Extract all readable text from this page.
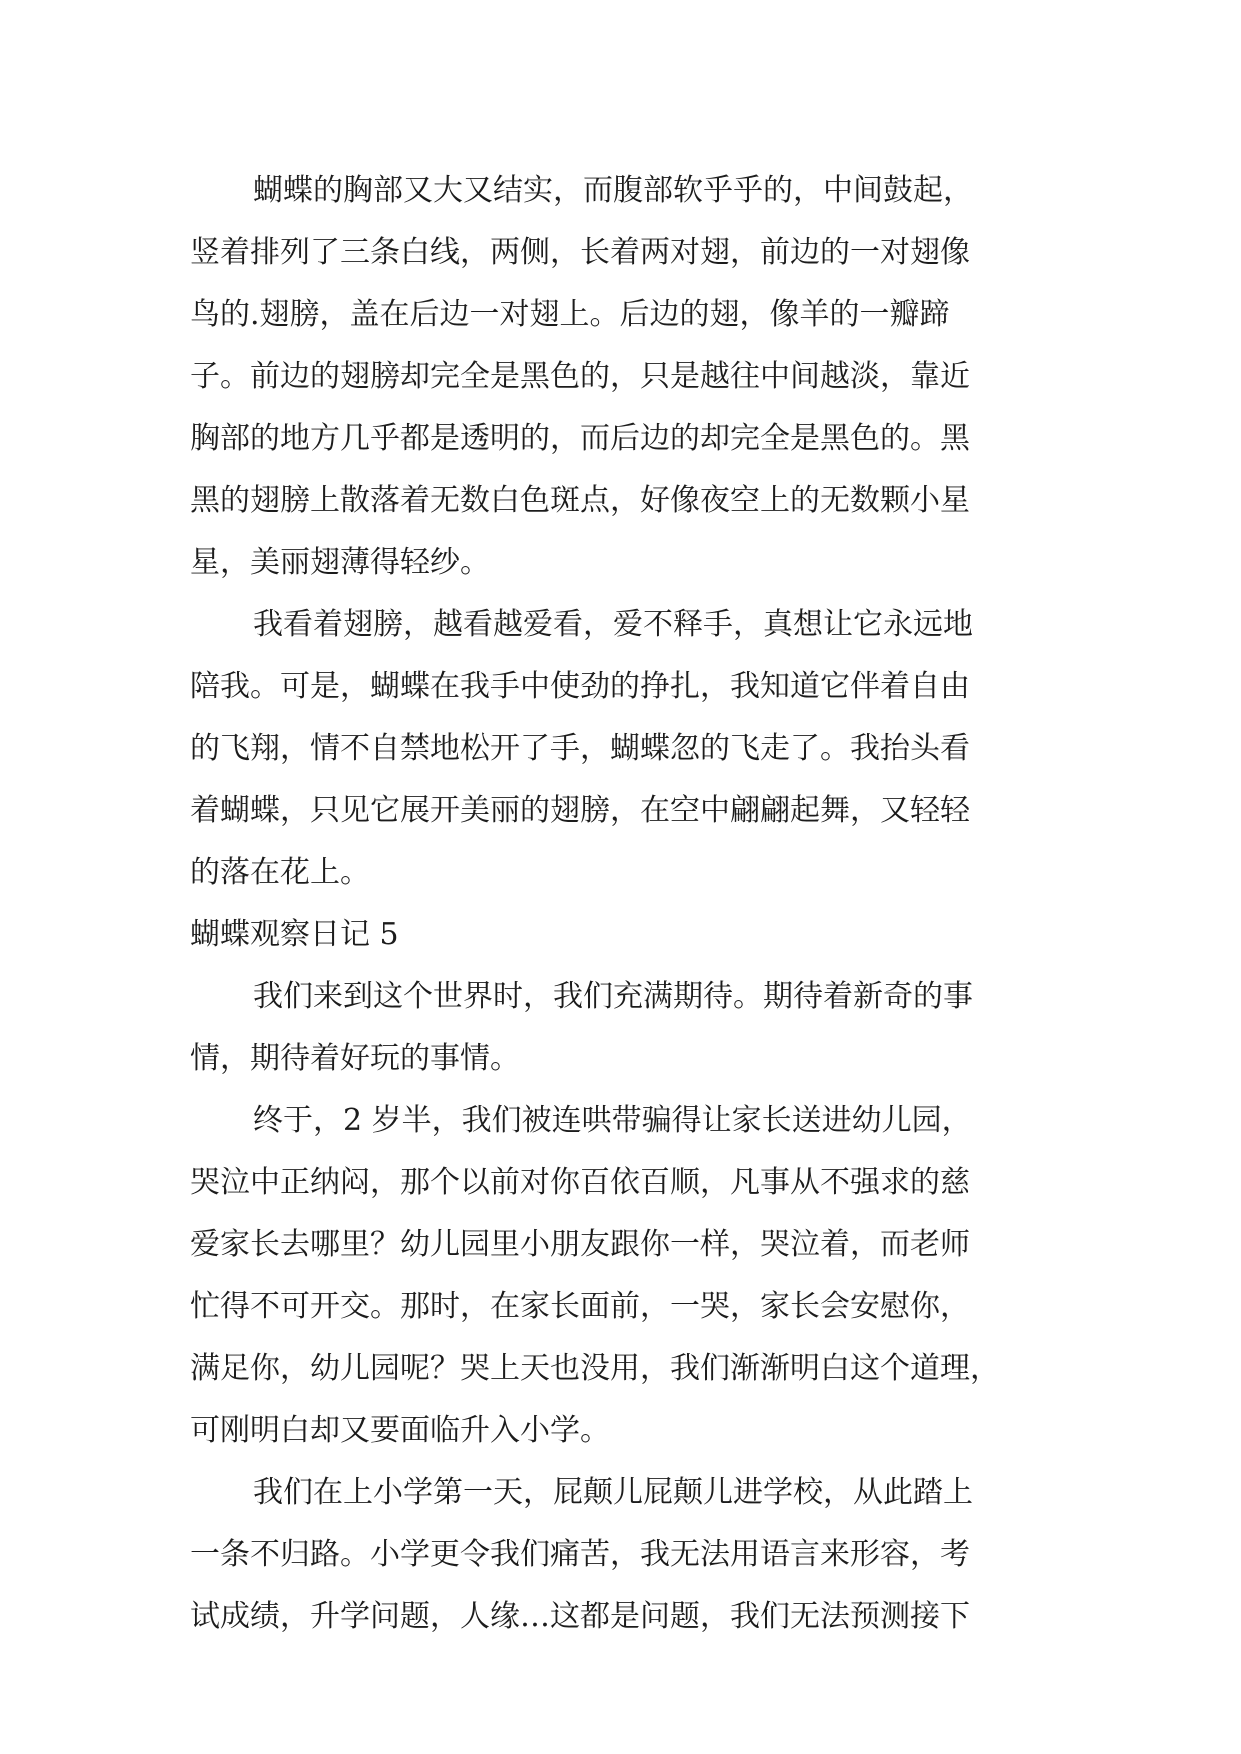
蝴蝶的胸部又大又结实，而腹部软乎乎的，中间鼓起，
竖着排列了三条白线，两侧，长着两对翅，前边的一对翅像
鸟的.翅膀，盖在后边一对翅上。后边的翅，像羊的一瓣蹄
子。前边的翅膀却完全是黑色的，只是越往中间越淡，靠近
胸部的地方几乎都是透明的，而后边的却完全是黑色的。黑
黑的翅膀上散落着无数白色斑点，好像夜空上的无数颗小星
星，美丽翅薄得轻纱。
我看着翅膀，越看越爱看，爱不释手，真想让它永远地
陪我。可是，蝴蝶在我手中使劲的挣扎，我知道它伴着自由
的飞翔，情不自禁地松开了手，蝴蝶忽的飞走了。我抬头看
着蝴蝶，只见它展开美丽的翅膀，在空中翩翩起舞，又轻轻
的落在花上。
蝴蝶观察日记 5
我们来到这个世界时，我们充满期待。期待着新奇的事
情，期待着好玩的事情。
终于，2 岁半，我们被连哄带骗得让家长送进幼儿园，
哭泣中正纳闷，那个以前对你百依百顺，凡事从不强求的慈
爱家长去哪里？幼儿园里小朋友跟你一样，哭泣着，而老师
忙得不可开交。那时，在家长面前，一哭，家长会安慰你，
满足你，幼儿园呢？哭上天也没用，我们渐渐明白这个道理，
可刚明白却又要面临升入小学。
我们在上小学第一天，屁颠儿屁颠儿进学校，从此踏上
一条不归路。小学更令我们痛苦，我无法用语言来形容，考
试成绩，升学问题，人缘…这都是问题，我们无法预测接下
